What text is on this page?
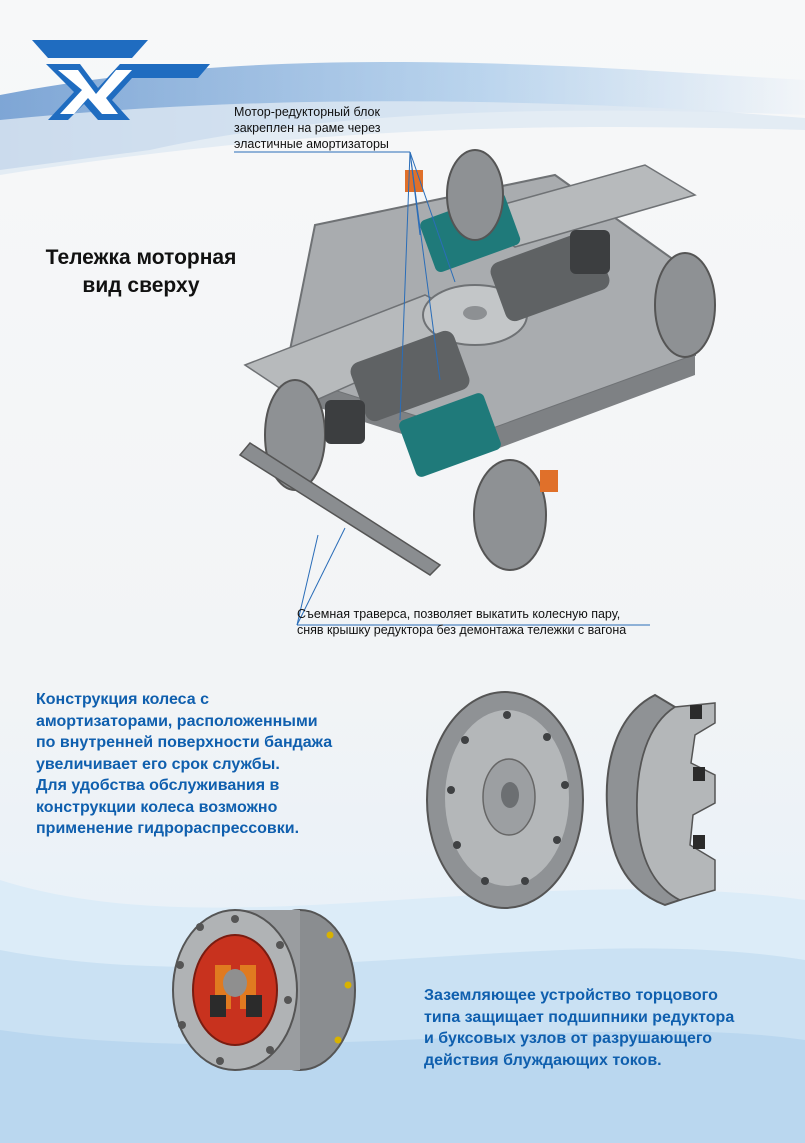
Тележка моторная
вид сверху
Мотор-редукторный блок
закреплен на раме через
эластичные амортизаторы
Съемная траверса, позволяет выкатить колесную пару,
сняв крышку редуктора без демонтажа тележки с вагона
Конструкция колеса с
амортизаторами, расположенными
по внутренней поверхности бандажа
увеличивает его срок службы.
Для удобства обслуживания в
конструкции колеса возможно
применение гидрораспрессовки.
Заземляющее устройство торцового
типа защищает подшипники редуктора
и буксовых узлов от разрушающего
действия блуждающих токов.
